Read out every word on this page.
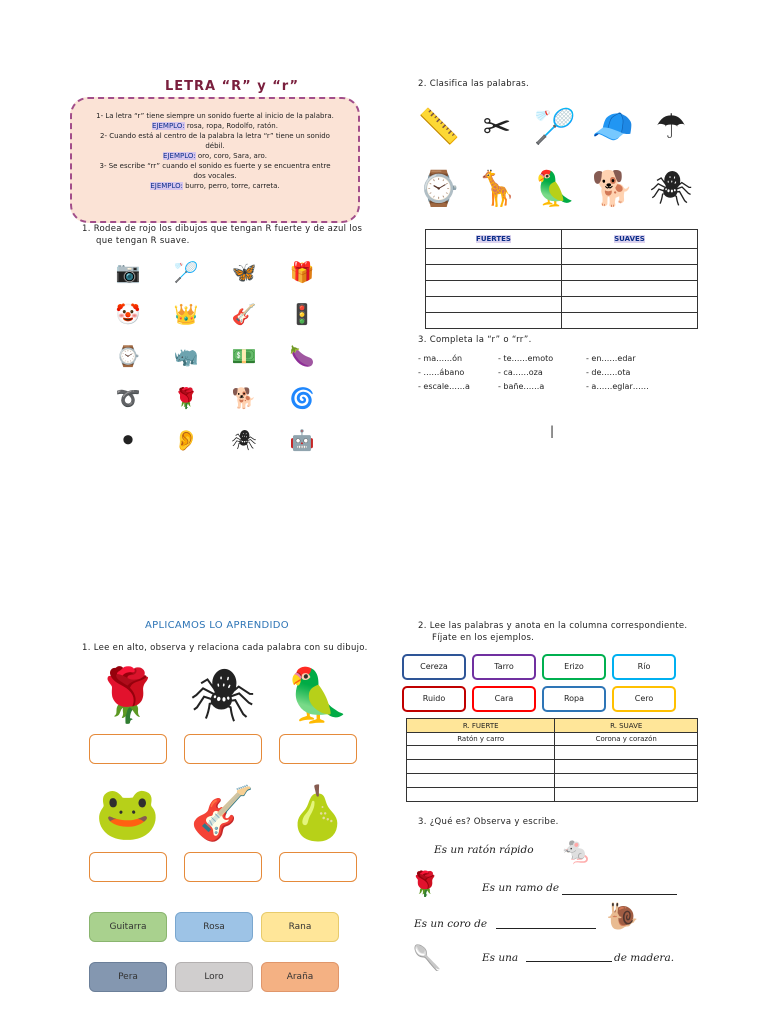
LETRA “R” y “r”
1- La letra “r” tiene siempre un sonido fuerte al inicio de la palabra.
EJEMPLO: rosa, ropa, Rodolfo, ratón.
2- Cuando está al centro de la palabra la letra “r” tiene un sonido
débil.
EJEMPLO: oro, coro, Sara, aro.
3- Se escribe “rr” cuando el sonido es fuerte y se encuentra entre
dos vocales.
EJEMPLO: burro, perro, torre, carreta.
1. Rodea de rojo los dibujos que tengan R fuerte y de azul los
que tengan R suave.
📷 🏸 🦋 🎁
🤡 👑 🎸 🚦
⌚ 🦏 💵 🍆
➰ 🌹 🐕 🌀
⚫	👂 🕷 🤖
2. Clasifica las palabras.
📏 ✂ 🏸 🧢 ☂
⌚ 🦒 🦜 🐕 🕷
FUERTES	SUAVES

3. Completa la “r” o “rr”.
- ma……ón	- te……emoto	- en……edar
- ……ábano	- ca……oza	- de……ota
- escale……a	- bañe……a	- a……eglar……
|
APLICAMOS LO APRENDIDO
1. Lee en alto, observa y relaciona cada palabra con su dibujo.
🌹 🕷 🦜
🐸 🎸 🍐
Guitarra	Rosa	Rana
Pera	Loro	Araña
2. Lee las palabras y anota en la columna correspondiente.
Fíjate en los ejemplos.
Cereza	Tarro	Erizo	Río
Ruido	Cara	Ropa	Cero
R. FUERTE	R. SUAVE
Ratón y carro	Corona y corazón

3. ¿Qué es? Observa y escribe.
Es un ratón rápido 🐁
🌹	Es un ramo de
Es un coro de	🐌
🥄	Es una	de madera.
